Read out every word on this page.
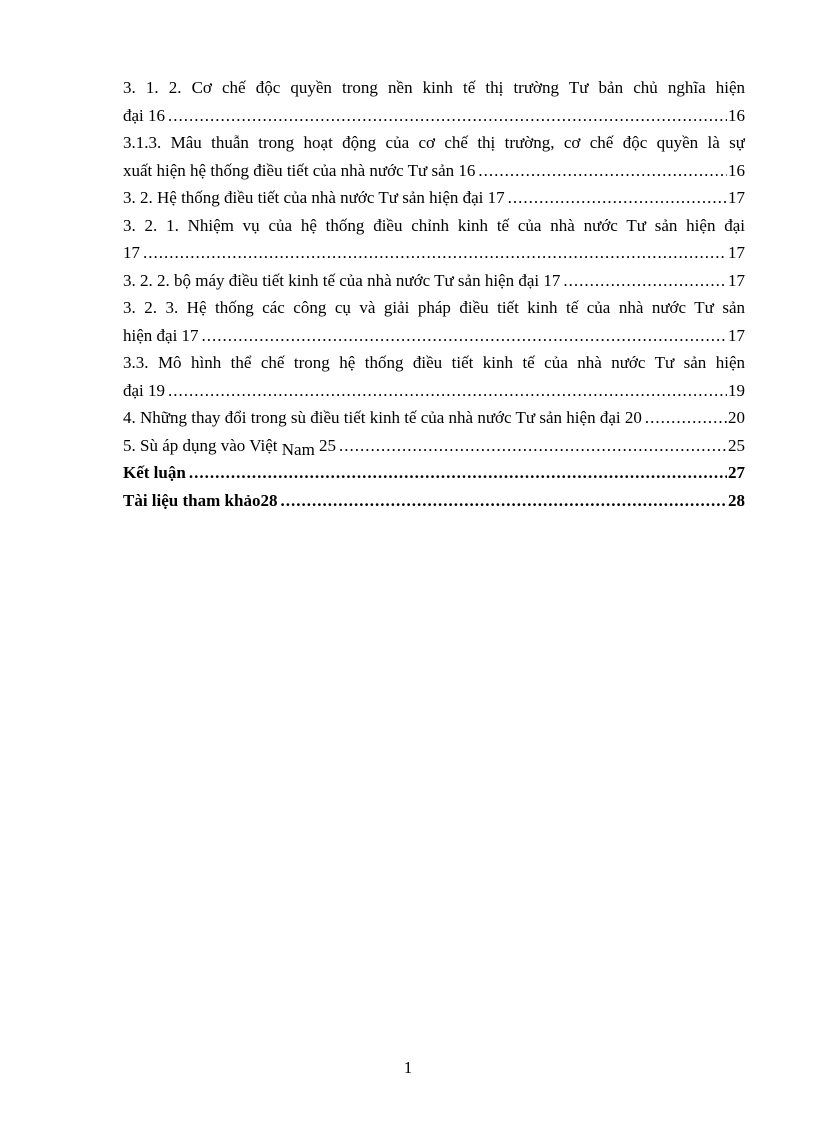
3. 1. 2. Cơ chế độc quyền trong nền kinh tế thị trường Tư bản chủ nghĩa hiện
đại 16 .....	16
3.1.3. Mâu thuẫn trong hoạt động của cơ chế thị trường, cơ chế độc quyền là sự
xuất hiện hệ thống điều tiết của nhà nước Tư sản 16 .....	16
3. 2. Hệ thống điều tiết của nhà nước Tư sản hiện đại 17 .....	17
3. 2. 1. Nhiệm vụ của hệ thống điều chỉnh kinh tế của nhà nước Tư sản hiện đại
17 .....	17
3. 2. 2. bộ máy điều tiết kinh tế của nhà nước Tư sản hiện đại 17 .....	17
3. 2. 3. Hệ thống các công cụ và giải pháp điều tiết kinh tế của nhà nước Tư sản
hiện đại 17 .....	17
3.3. Mô hình thể chế trong hệ thống điều tiết kinh tế của nhà nước Tư sản hiện
đại 19 .....	19
4. Những thay đổi trong sù điều tiết kinh tế của nhà nước Tư sản hiện đại 20 .....	20
5. Sù áp dụng vào Việt Nam 25 .....	25
Kết luận .....	27
Tài liệu tham khảo28 .....	28
1
